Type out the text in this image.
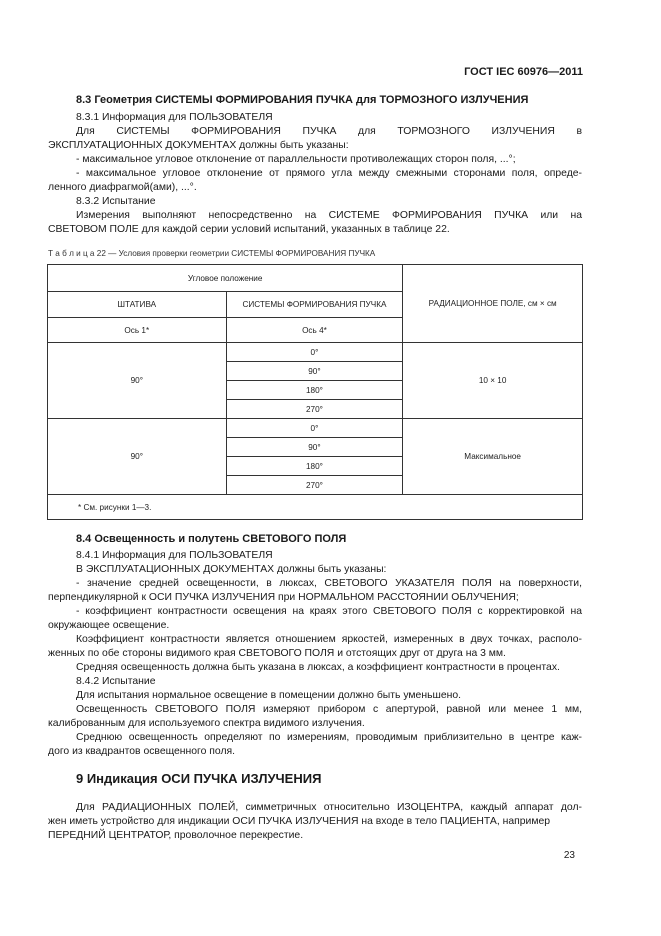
ГОСТ IEC 60976—2011
8.3 Геометрия СИСТЕМЫ ФОРМИРОВАНИЯ ПУЧКА для ТОРМОЗНОГО ИЗЛУЧЕНИЯ
8.3.1 Информация для ПОЛЬЗОВАТЕЛЯ
Для СИСТЕМЫ ФОРМИРОВАНИЯ ПУЧКА для ТОРМОЗНОГО ИЗЛУЧЕНИЯ в
ЭКСПЛУАТАЦИОННЫХ ДОКУМЕНТАХ должны быть указаны:
- максимальное угловое отклонение от параллельности противолежащих сторон поля, ...°;
- максимальное угловое отклонение от прямого угла между смежными сторонами поля, опреде-
ленного диафрагмой(ами), ...°.
8.3.2 Испытание
Измерения выполняют непосредственно на СИСТЕМЕ ФОРМИРОВАНИЯ ПУЧКА или на
СВЕТОВОМ ПОЛЕ для каждой серии условий испытаний, указанных в таблице 22.
Т а б л и ц а 22 — Условия проверки геометрии СИСТЕМЫ ФОРМИРОВАНИЯ ПУЧКА
Угловое положение		РАДИАЦИОННОЕ ПОЛЕ, см × см
ШТАТИВА	СИСТЕМЫ ФОРМИРОВАНИЯ ПУЧКА	
Ось 1*	Ось 4*	
90°	0°	10 × 10
	90°	
	180°	
	270°	
90°	0°	Максимальное
	90°	
	180°	
	270°	
* См. рисунки 1—3.		
8.4 Освещенность и полутень СВЕТОВОГО ПОЛЯ
8.4.1 Информация для ПОЛЬЗОВАТЕЛЯ
В ЭКСПЛУАТАЦИОННЫХ ДОКУМЕНТАХ должны быть указаны:
- значение средней освещенности, в люксах, СВЕТОВОГО УКАЗАТЕЛЯ ПОЛЯ на поверхности,
перпендикулярной к ОСИ ПУЧКА ИЗЛУЧЕНИЯ при НОРМАЛЬНОМ РАССТОЯНИИ ОБЛУЧЕНИЯ;
- коэффициент контрастности освещения на краях этого СВЕТОВОГО ПОЛЯ с корректировкой на
окружающее освещение.
Коэффициент контрастности является отношением яркостей, измеренных в двух точках, располо-
женных по обе стороны видимого края СВЕТОВОГО ПОЛЯ и отстоящих друг от друга на 3 мм.
Средняя освещенность должна быть указана в люксах, а коэффициент контрастности в процентах.
8.4.2 Испытание
Для испытания нормальное освещение в помещении должно быть уменьшено.
Освещенность СВЕТОВОГО ПОЛЯ измеряют прибором с апертурой, равной или менее 1 мм,
калиброванным для используемого спектра видимого излучения.
Среднюю освещенность определяют по измерениям, проводимым приблизительно в центре каж-
дого из квадрантов освещенного поля.
9 Индикация ОСИ ПУЧКА ИЗЛУЧЕНИЯ
Для РАДИАЦИОННЫХ ПОЛЕЙ, симметричных относительно ИЗОЦЕНТРА, каждый аппарат дол-
жен иметь устройство для индикации ОСИ ПУЧКА ИЗЛУЧЕНИЯ на входе в тело ПАЦИЕНТА, например
ПЕРЕДНИЙ ЦЕНТРАТОР, проволочное перекрестие.
23
